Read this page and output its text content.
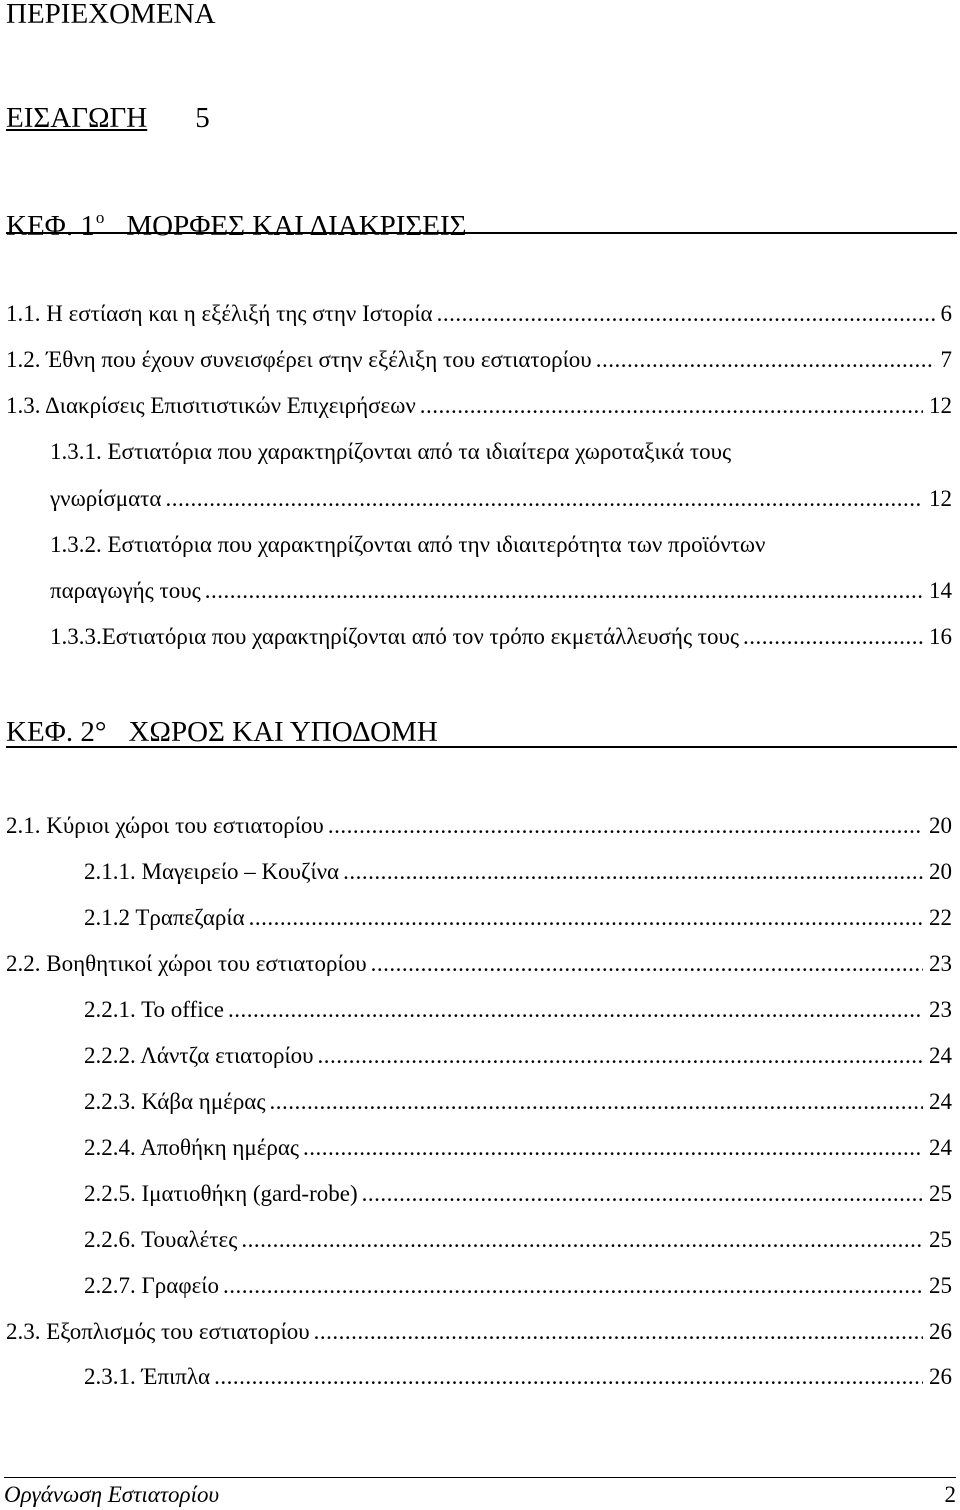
ΠΕΡΙΕΧΟΜΕΝΑ
ΕΙΣΑΓΩΓΗ 5
ΚΕΦ. $1^o$ ΜΟΡΦΕΣ ΚΑΙ ΔΙΑΚΡΙΣΕΙΣ
1.1. Η εστίαση και η εξέλιξή της στην Ιστορία .....	6
1.2. Έθνη που έχουν συνεισφέρει στην εξέλιξη του εστιατορίου .....	7
1.3. Διακρίσεις Επισιτιστικών Επιχειρήσεων .....	12
1.3.1. Εστιατόρια που χαρακτηρίζονται από τα ιδιαίτερα χωροταξικά τους
γνωρίσματα .....	12
1.3.2. Εστιατόρια που χαρακτηρίζονται από την ιδιαιτερότητα των προϊόντων
παραγωγής τους .....	14
1.3.3.Εστιατόρια που χαρακτηρίζονται από τον τρόπο εκμετάλλευσής τους .....	16
ΚΕΦ. 2° ΧΩΡΟΣ ΚΑΙ ΥΠΟΔΟΜΗ
2.1. Κύριοι χώροι του εστιατορίου .....	20
2.1.1. Μαγειρείο – Κουζίνα .....	20
2.1.2 Τραπεζαρία .....	22
2.2. Βοηθητικοί χώροι του εστιατορίου .....	23
2.2.1. Το office .....	23
2.2.2. Λάντζα ετιατορίου .....	24
2.2.3. Κάβα ημέρας .....	24
2.2.4. Αποθήκη ημέρας .....	24
2.2.5. Ιματιοθήκη (gard-robe) .....	25
2.2.6. Τουαλέτες .....	25
2.2.7. Γραφείο .....	25
2.3. Εξοπλισμός του εστιατορίου .....	26
2.3.1. Έπιπλα .....	26
Οργάνωση Εστιατορίου	2
